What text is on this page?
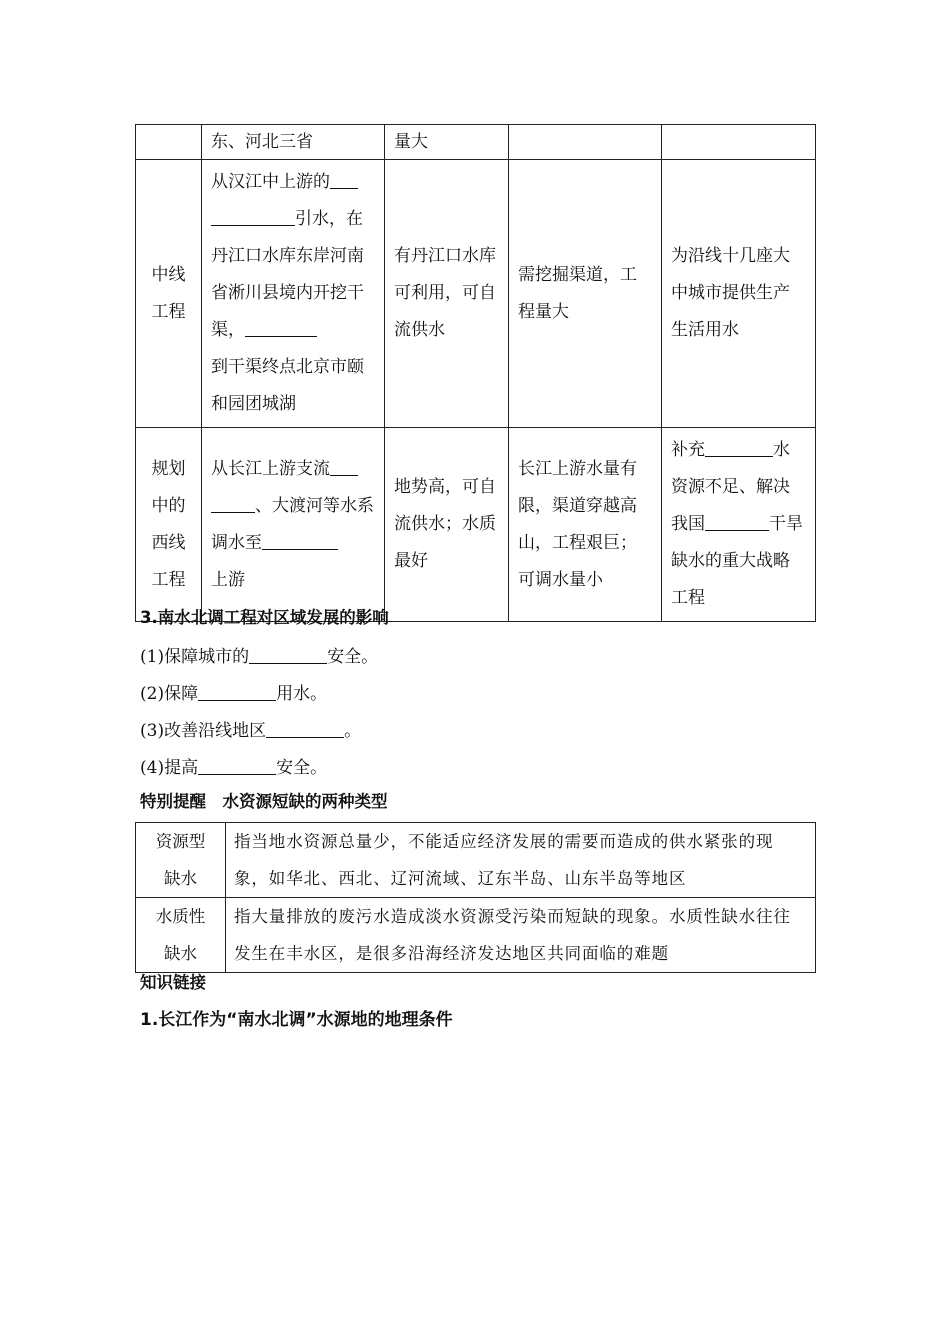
	东、河北三省	量大		
中线
工程	从汉江中上游的
引水，在丹江口水库东岸河南省淅川县境内开挖干渠，
到干渠终点北京市颐和园团城湖	有丹江口水库可利用，可自流供水	需挖掘渠道，工程量大	为沿线十几座大中城市提供生产生活用水
规划
中的
西线
工程	从长江上游支流
、大渡河等水系调水至
上游	地势高，可自流供水；水质最好	长江上游水量有限，渠道穿越高山，工程艰巨；可调水量小	补充 水资源不足、解决我国 干旱缺水的重大战略工程
3.南水北调工程对区域发展的影响
(1)保障城市的	安全。
(2)保障	用水。
(3)改善沿线地区	。
(4)提高	安全。
特别提醒　水资源短缺的两种类型
资源型
缺水	指当地水资源总量少，不能适应经济发展的需要而造成的供水紧张的现象，如华北、西北、辽河流域、辽东半岛、山东半岛等地区
水质性
缺水	指大量排放的废污水造成淡水资源受污染而短缺的现象。水质性缺水往往发生在丰水区，是很多沿海经济发达地区共同面临的难题
知识链接
1.长江作为“南水北调”水源地的地理条件
